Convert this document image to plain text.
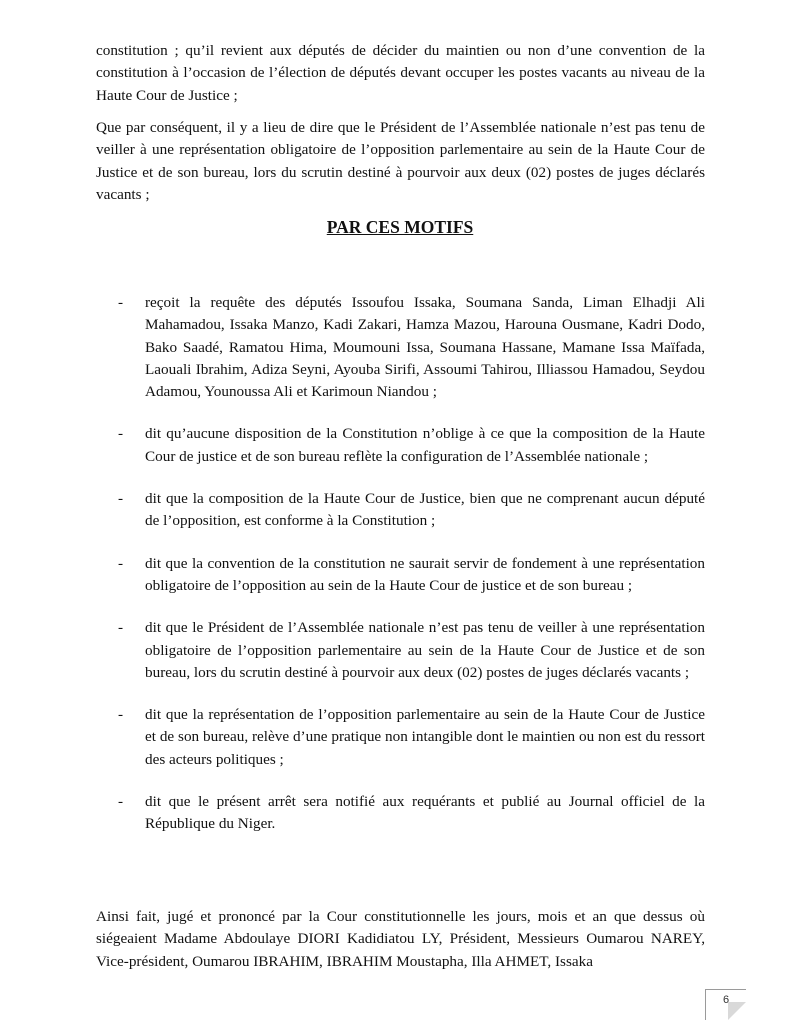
constitution ; qu’il revient aux députés de décider du maintien ou non d’une convention de la constitution à l’occasion de l’élection de députés devant occuper les postes vacants au niveau de la Haute Cour de Justice ;

Que par conséquent, il y a lieu de dire que le Président de l’Assemblée nationale n’est pas tenu de veiller à une représentation obligatoire de l’opposition parlementaire au sein de la Haute Cour de Justice et de son bureau, lors du scrutin destiné à pourvoir aux deux (02) postes de juges déclarés vacants ;

PAR CES MOTIFS
- reçoit la requête des députés Issoufou Issaka, Soumana Sanda, Liman Elhadji Ali Mahamadou, Issaka Manzo, Kadi Zakari, Hamza Mazou, Harouna Ousmane, Kadri Dodo, Bako Saadé, Ramatou Hima, Moumouni Issa, Soumana Hassane, Mamane Issa Maïfada, Laouali Ibrahim, Adiza Seyni, Ayouba Sirifi, Assoumi Tahirou, Illiassou Hamadou, Seydou Adamou, Younoussa Ali et Karimoun Niandou ;

- dit qu’aucune disposition de la Constitution n’oblige à ce que la composition de la Haute Cour de justice et de son bureau reflète la configuration de l’Assemblée nationale ;

- dit que la composition de la Haute Cour de Justice, bien que ne comprenant aucun député de l’opposition, est conforme à la Constitution ;

- dit que la convention de la constitution ne saurait servir de fondement à une représentation obligatoire de l’opposition au sein de la Haute Cour de justice et de son bureau ;

- dit que le Président de l’Assemblée nationale n’est pas tenu de veiller à une représentation obligatoire de l’opposition parlementaire au sein de la Haute Cour de Justice et de son bureau, lors du scrutin destiné à pourvoir aux deux (02) postes de juges déclarés vacants ;

- dit que la représentation de l’opposition parlementaire au sein de la Haute Cour de Justice et de son bureau, relève d’une pratique non intangible dont le maintien ou non est du ressort des acteurs politiques ;

- dit que le présent arrêt sera notifié aux requérants et publié au Journal officiel de la République du Niger.

Ainsi fait, jugé et prononcé par la Cour constitutionnelle les jours, mois et an que dessus où siégeaient Madame Abdoulaye DIORI Kadidiatou LY, Président, Messieurs Oumarou NAREY, Vice-président, Oumarou IBRAHIM, IBRAHIM Moustapha, Illa AHMET, Issaka

6
